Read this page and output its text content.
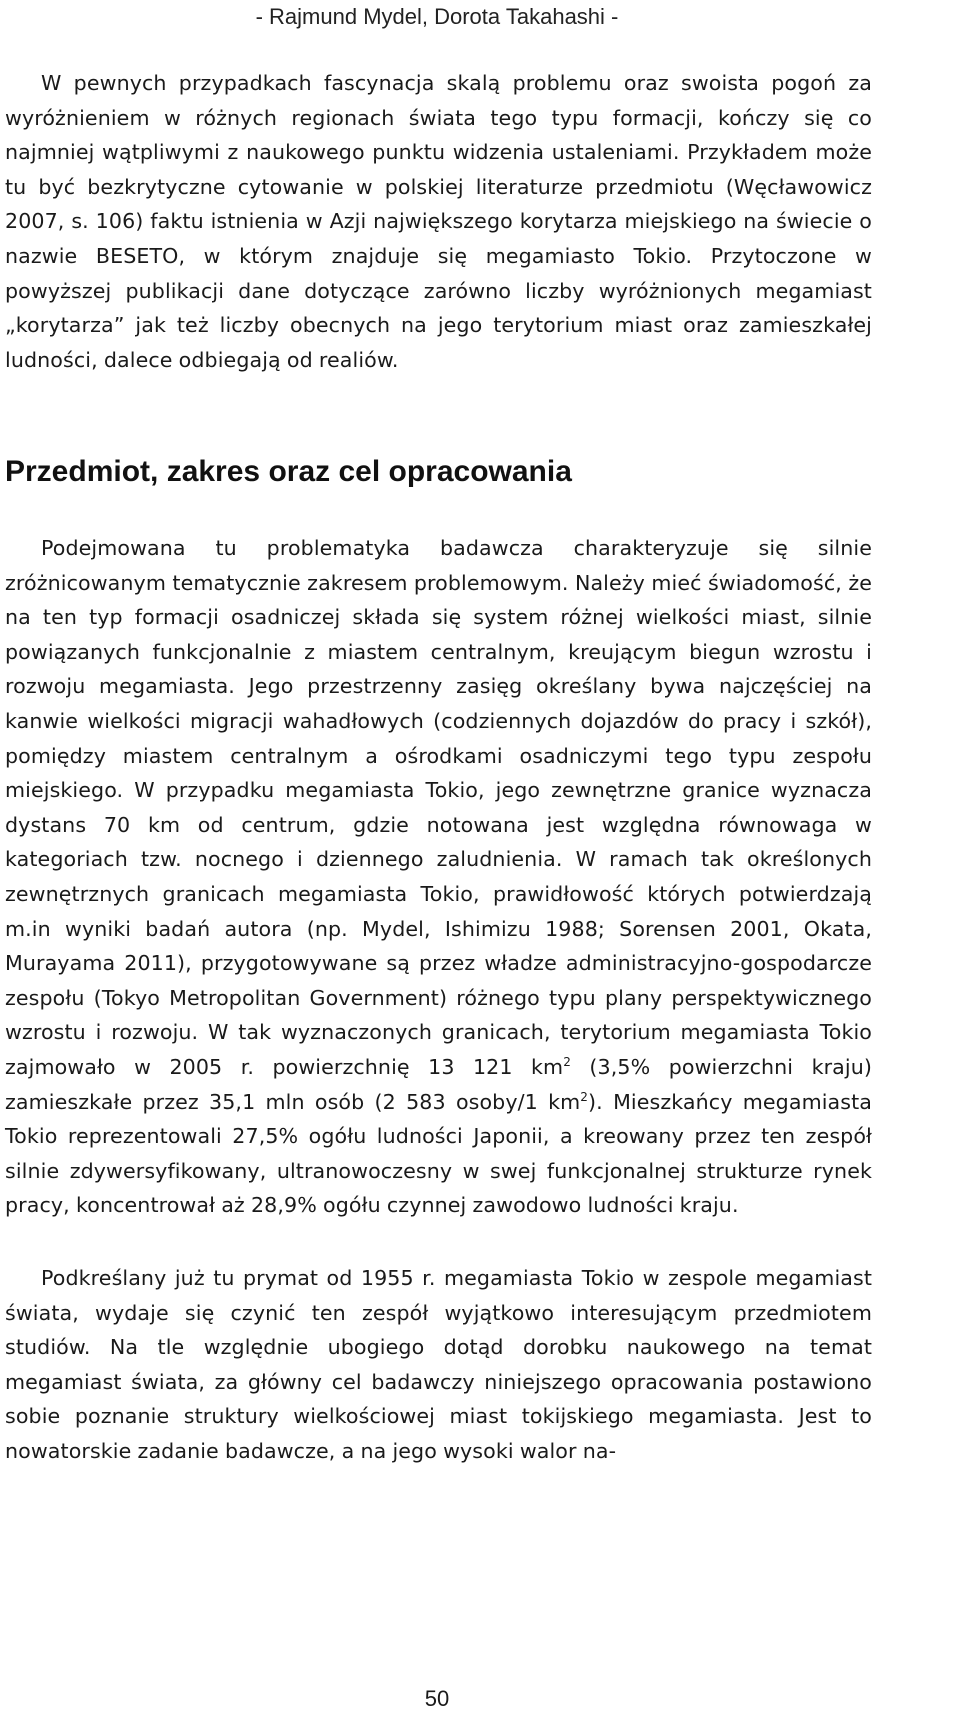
- Rajmund Mydel, Dorota Takahashi -

W pewnych przypadkach fascynacja skalą problemu oraz swoista pogoń za wyróżnieniem w różnych regionach świata tego typu formacji, kończy się co najmniej wątpliwymi z naukowego punktu widzenia ustaleniami. Przykładem może tu być bezkrytyczne cytowanie w polskiej literaturze przedmiotu (Węcławowicz 2007, s. 106) faktu istnienia w Azji największego korytarza miejskiego na świecie o nazwie BESETO, w którym znajduje się megamiasto Tokio. Przytoczone w powyższej publikacji dane dotyczące zarówno liczby wyróżnionych megamiast „korytarza” jak też liczby obecnych na jego terytorium miast oraz zamieszkałej ludności, dalece odbiegają od realiów.

Przedmiot, zakres oraz cel opracowania

Podejmowana tu problematyka badawcza charakteryzuje się silnie zróżnicowanym tematycznie zakresem problemowym. Należy mieć świadomość, że na ten typ formacji osadniczej składa się system różnej wielkości miast, silnie powiązanych funkcjonalnie z miastem centralnym, kreującym biegun wzrostu i rozwoju megamiasta. Jego przestrzenny zasięg określany bywa najczęściej na kanwie wielkości migracji wahadłowych (codziennych dojazdów do pracy i szkół), pomiędzy miastem centralnym a ośrodkami osadniczymi tego typu zespołu miejskiego. W przypadku megamiasta Tokio, jego zewnętrzne granice wyznacza dystans 70 km od centrum, gdzie notowana jest względna równowaga w kategoriach tzw. nocnego i dziennego zaludnienia. W ramach tak określonych zewnętrznych granicach megamiasta Tokio, prawidłowość których potwierdzają m.in wyniki badań autora (np. Mydel, Ishimizu 1988; Sorensen 2001, Okata, Murayama 2011), przygotowywane są przez władze administracyjno-gospodarcze zespołu (Tokyo Metropolitan Government) różnego typu plany perspektywicznego wzrostu i rozwoju. W tak wyznaczonych granicach, terytorium megamiasta Tokio zajmowało w 2005 r. powierzchnię 13 121 $km^2$ (3,5% powierzchni kraju) zamieszkałe przez 35,1 mln osób (2 583 osoby/1 $km^2$). Mieszkańcy megamiasta Tokio reprezentowali 27,5% ogółu ludności Japonii, a kreowany przez ten zespół silnie zdywersyfikowany, ultranowoczesny w swej funkcjonalnej strukturze rynek pracy, koncentrował aż 28,9% ogółu czynnej zawodowo ludności kraju.

Podkreślany już tu prymat od 1955 r. megamiasta Tokio w zespole megamiast świata, wydaje się czynić ten zespół wyjątkowo interesującym przedmiotem studiów. Na tle względnie ubogiego dotąd dorobku naukowego na temat megamiast świata, za główny cel badawczy niniejszego opracowania postawiono sobie poznanie struktury wielkościowej miast tokijskiego megamiasta. Jest to nowatorskie zadanie badawcze, a na jego wysoki walor na-

50
